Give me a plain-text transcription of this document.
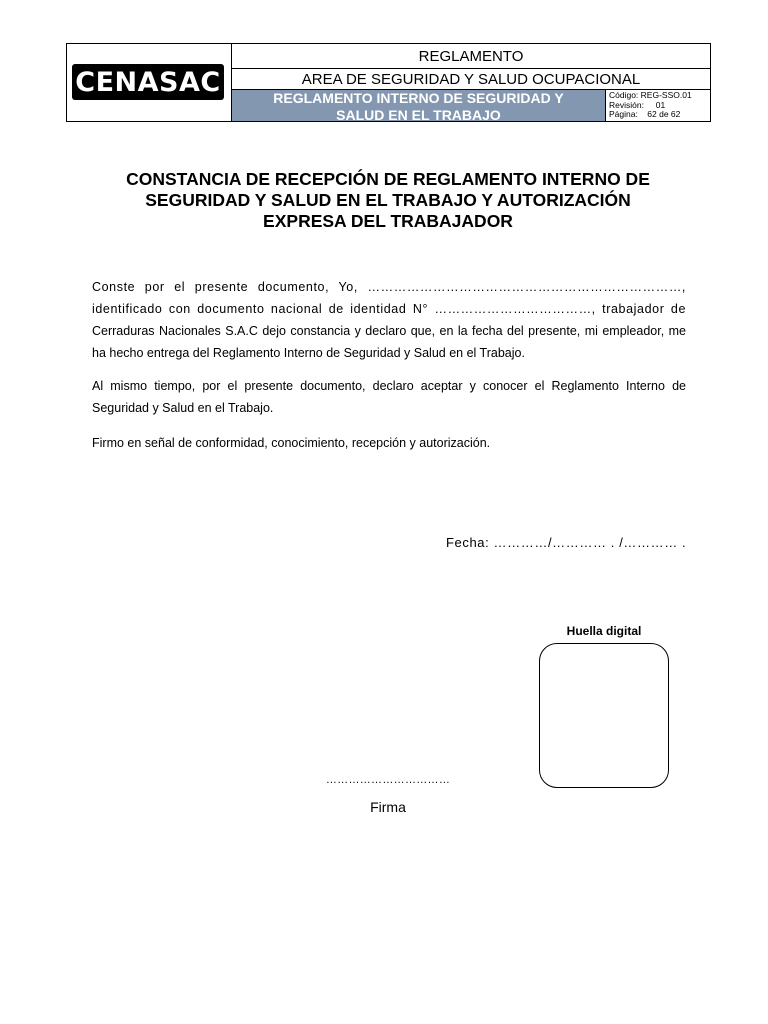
CENASAC
REGLAMENTO
AREA DE SEGURIDAD Y SALUD OCUPACIONAL
REGLAMENTO INTERNO DE SEGURIDAD Y
SALUD EN EL TRABAJO
Código: REG-SSO.01
Revisión:     01
Página:    62 de 62
CONSTANCIA DE RECEPCIÓN DE REGLAMENTO INTERNO DE
SEGURIDAD Y SALUD EN EL TRABAJO Y AUTORIZACIÓN
EXPRESA DEL TRABAJADOR
Conste por el presente documento, Yo, ………………………………………………………………,
identificado con documento nacional de identidad N° ………………………………, trabajador de
Cerraduras Nacionales S.A.C dejo constancia y declaro que, en la fecha del presente, mi empleador, me
ha hecho entrega del Reglamento Interno de Seguridad y Salud en el Trabajo.
Al mismo tiempo, por el presente documento, declaro aceptar y conocer el Reglamento Interno de
Seguridad y Salud en el Trabajo.
Firmo en señal de conformidad, conocimiento, recepción y autorización.
Fecha: …………/………… . /………… .
Huella digital
……………………………
Firma
